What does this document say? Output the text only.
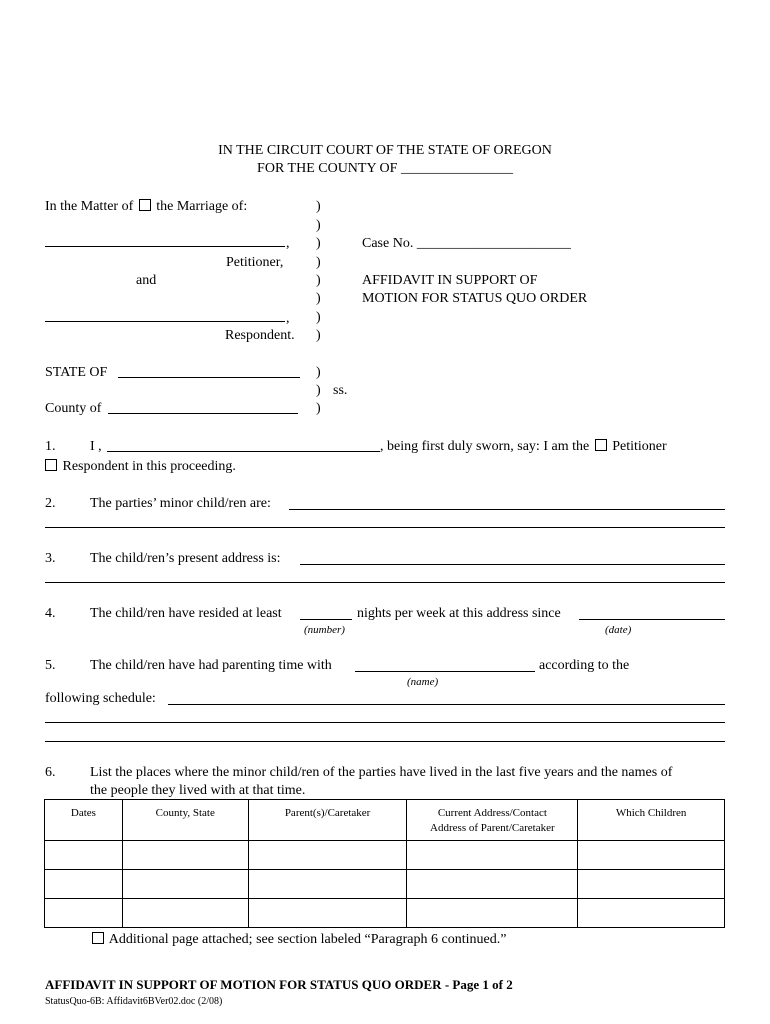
IN THE CIRCUIT COURT OF THE STATE OF OREGON
FOR THE COUNTY OF ________________
In the Matter of the Marriage of:
,
Petitioner,
and
,
Respondent.
)
)
)
)
)
)
)
)
Case No. ______________________
AFFIDAVIT IN SUPPORT OF
MOTION FOR STATUS QUO ORDER
STATE OF	)
) ss.
County of	)
1. I ,	, being first duly sworn, say: I am the Petitioner
Respondent in this proceeding.
2. The parties’ minor child/ren are:
3. The child/ren’s present address is:
4. The child/ren have resided at least	nights per week at this address since
(number)	(date)
5. The child/ren have had parenting time with	according to the
(name)
following schedule:
6. List the places where the minor child/ren of the parties have lived in the last five years and the names of
the people they lived with at that time.
Dates	County, State	Parent(s)/Caretaker	Current Address/Contact
Address of Parent/Caretaker	Which Children

Additional page attached; see section labeled “Paragraph 6 continued.”
AFFIDAVIT IN SUPPORT OF MOTION FOR STATUS QUO ORDER - Page 1 of 2
StatusQuo-6B: Affidavit6BVer02.doc (2/08)
